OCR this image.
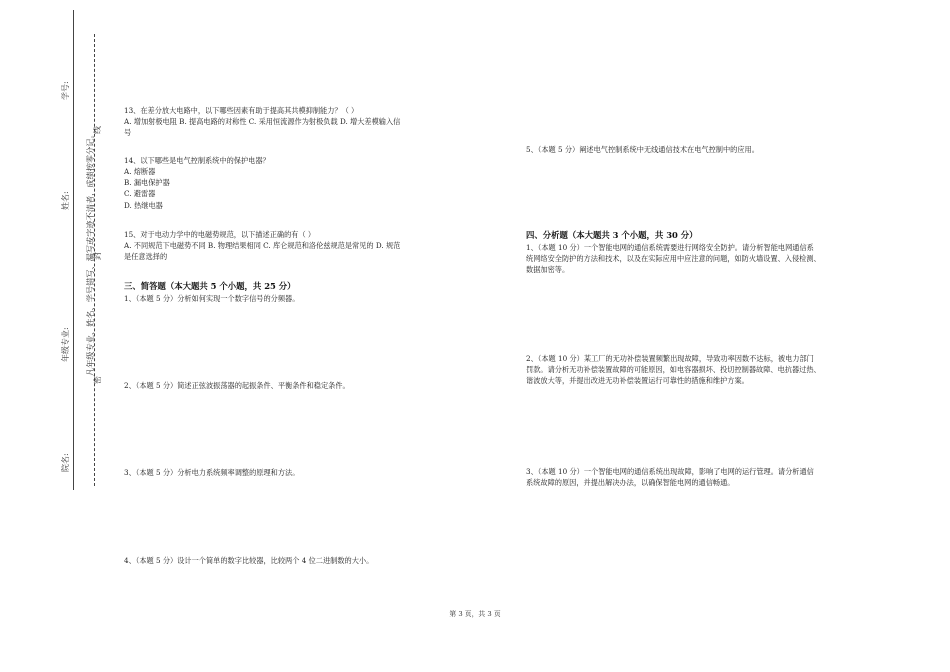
学号:
姓名:
年级专业:
院名:
凡年级专业、姓名、学号错写、漏写或字迹不清者，成绩按零分记。
线
封
密

13、在差分放大电路中，以下哪些因素有助于提高其共模抑制能力？（ ）

A. 增加射极电阻 B. 提高电路的对称性 C. 采用恒流源作为射极负载 D. 增大差模输入信

号

14、以下哪些是电气控制系统中的保护电器？

A. 熔断器

B. 漏电保护器

C. 避雷器

D. 热继电器

15、对于电动力学中的电磁势规范，以下描述正确的有（ ）

A. 不同规范下电磁势不同 B. 物理结果相同 C. 库仑规范和洛伦兹规范是常见的 D. 规范

是任意选择的

三、简答题（本大题共 5 个小题，共 25 分）
1、（本题 5 分）分析如何实现一个数字信号的分频器。
2、（本题 5 分）简述正弦波振荡器的起振条件、平衡条件和稳定条件。
3、（本题 5 分）分析电力系统频率调整的原理和方法。
4、（本题 5 分）设计一个简单的数字比较器，比较两个 4 位二进制数的大小。
5、（本题 5 分）阐述电气控制系统中无线通信技术在电气控制中的应用。
四、分析题（本大题共 3 个小题，共 30 分）

1、（本题 10 分）一个智能电网的通信系统需要进行网络安全防护。请分析智能电网通信系

统网络安全防护的方法和技术，以及在实际应用中应注意的问题，如防火墙设置、入侵检测、

数据加密等。

2、（本题 10 分）某工厂的无功补偿装置频繁出现故障，导致功率因数不达标，被电力部门

罚款。请分析无功补偿装置故障的可能原因，如电容器损坏、投切控制器故障、电抗器过热、

谐波放大等，并提出改进无功补偿装置运行可靠性的措施和维护方案。

3、（本题 10 分）一个智能电网的通信系统出现故障，影响了电网的运行管理。请分析通信

系统故障的原因，并提出解决办法，以确保智能电网的通信畅通。

第 3 页，共 3 页
